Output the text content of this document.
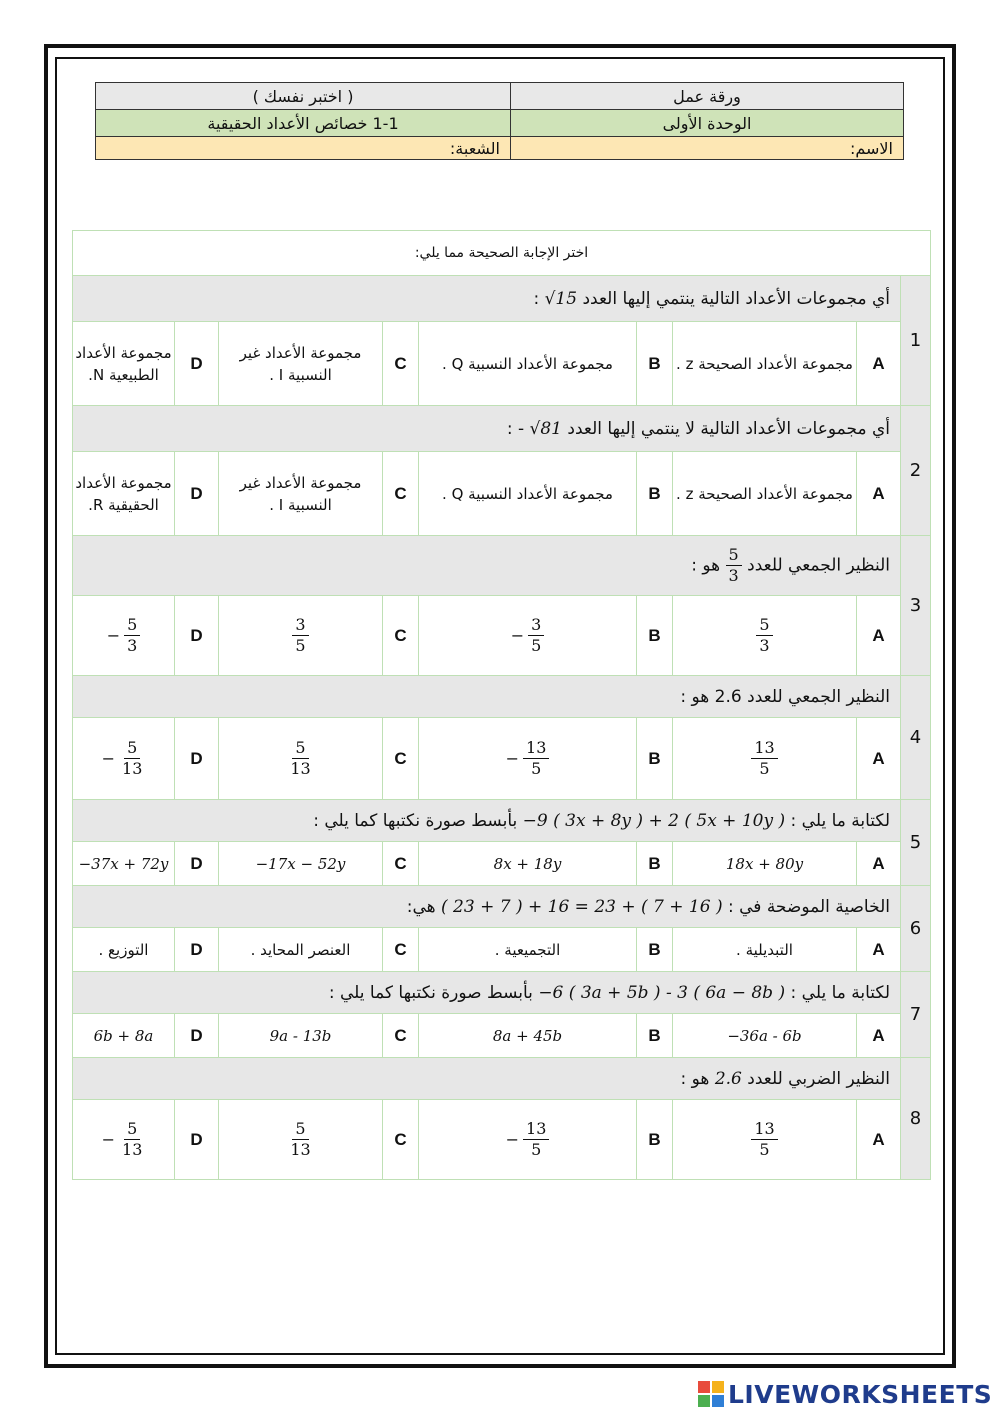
( اختبر نفسك )	ورقة عمل
1-1 خصائص الأعداد الحقيقية	الوحدة الأولى
الشعبة:	الاسم:
اختر الإجابة الصحيحة مما يلي:								
1	أي مجموعات الأعداد التالية ينتمي إليها العدد √15 :							
	A	مجموعة الأعداد الصحيحة z .	B	مجموعة الأعداد النسبية Q .	C	مجموعة الأعداد غير النسبية I .	D	مجموعة الأعداد الطبيعية N.
2	أي مجموعات الأعداد التالية لا ينتمي إليها العدد √81 - :							
	A	مجموعة الأعداد الصحيحة z .	B	مجموعة الأعداد النسبية Q .	C	مجموعة الأعداد غير النسبية I .	D	مجموعة الأعداد الحقيقية R.
3	النظير الجمعي للعدد
$\frac{5}{3}$
هو :							
	A	$\frac{5}{3}$	B	− $\frac{3}{5}$	C	$\frac{3}{5}$	D	− $\frac{5}{3}$

4	النظير الجمعي للعدد 2.6 هو :							
	A	$\frac{13}{5}$	B	− $\frac{13}{5}$	C	$\frac{5}{13}$	D	− $\frac{5}{13}$

5	لكتابة ما يلي : −9 ( 3x + 8y ) + 2 ( 5x + 10y ) بأبسط صورة نكتبها كما يلي :							
	A	18x + 80y	B	8x + 18y	C	−17x − 52y	D	−37x + 72y
6	الخاصية الموضحة في : ( 23 + 7 ) + 16 = 23 + ( 7 + 16 ) هي:							
	A	التبديلية .	B	التجميعية .	C	العنصر المحايد .	D	التوزيع .
7	لكتابة ما يلي : −6 ( 3a + 5b ) - 3 ( 6a − 8b ) بأبسط صورة نكتبها كما يلي :							
	A	−36a - 6b	B	8a + 45b	C	9a - 13b	D	6b + 8a
8	النظير الضربي للعدد 2.6 هو :							
	A	$\frac{13}{5}$	B	− $\frac{13}{5}$	C	$\frac{5}{13}$	D	− $\frac{5}{13}$
LIVEWORKSHEETS
